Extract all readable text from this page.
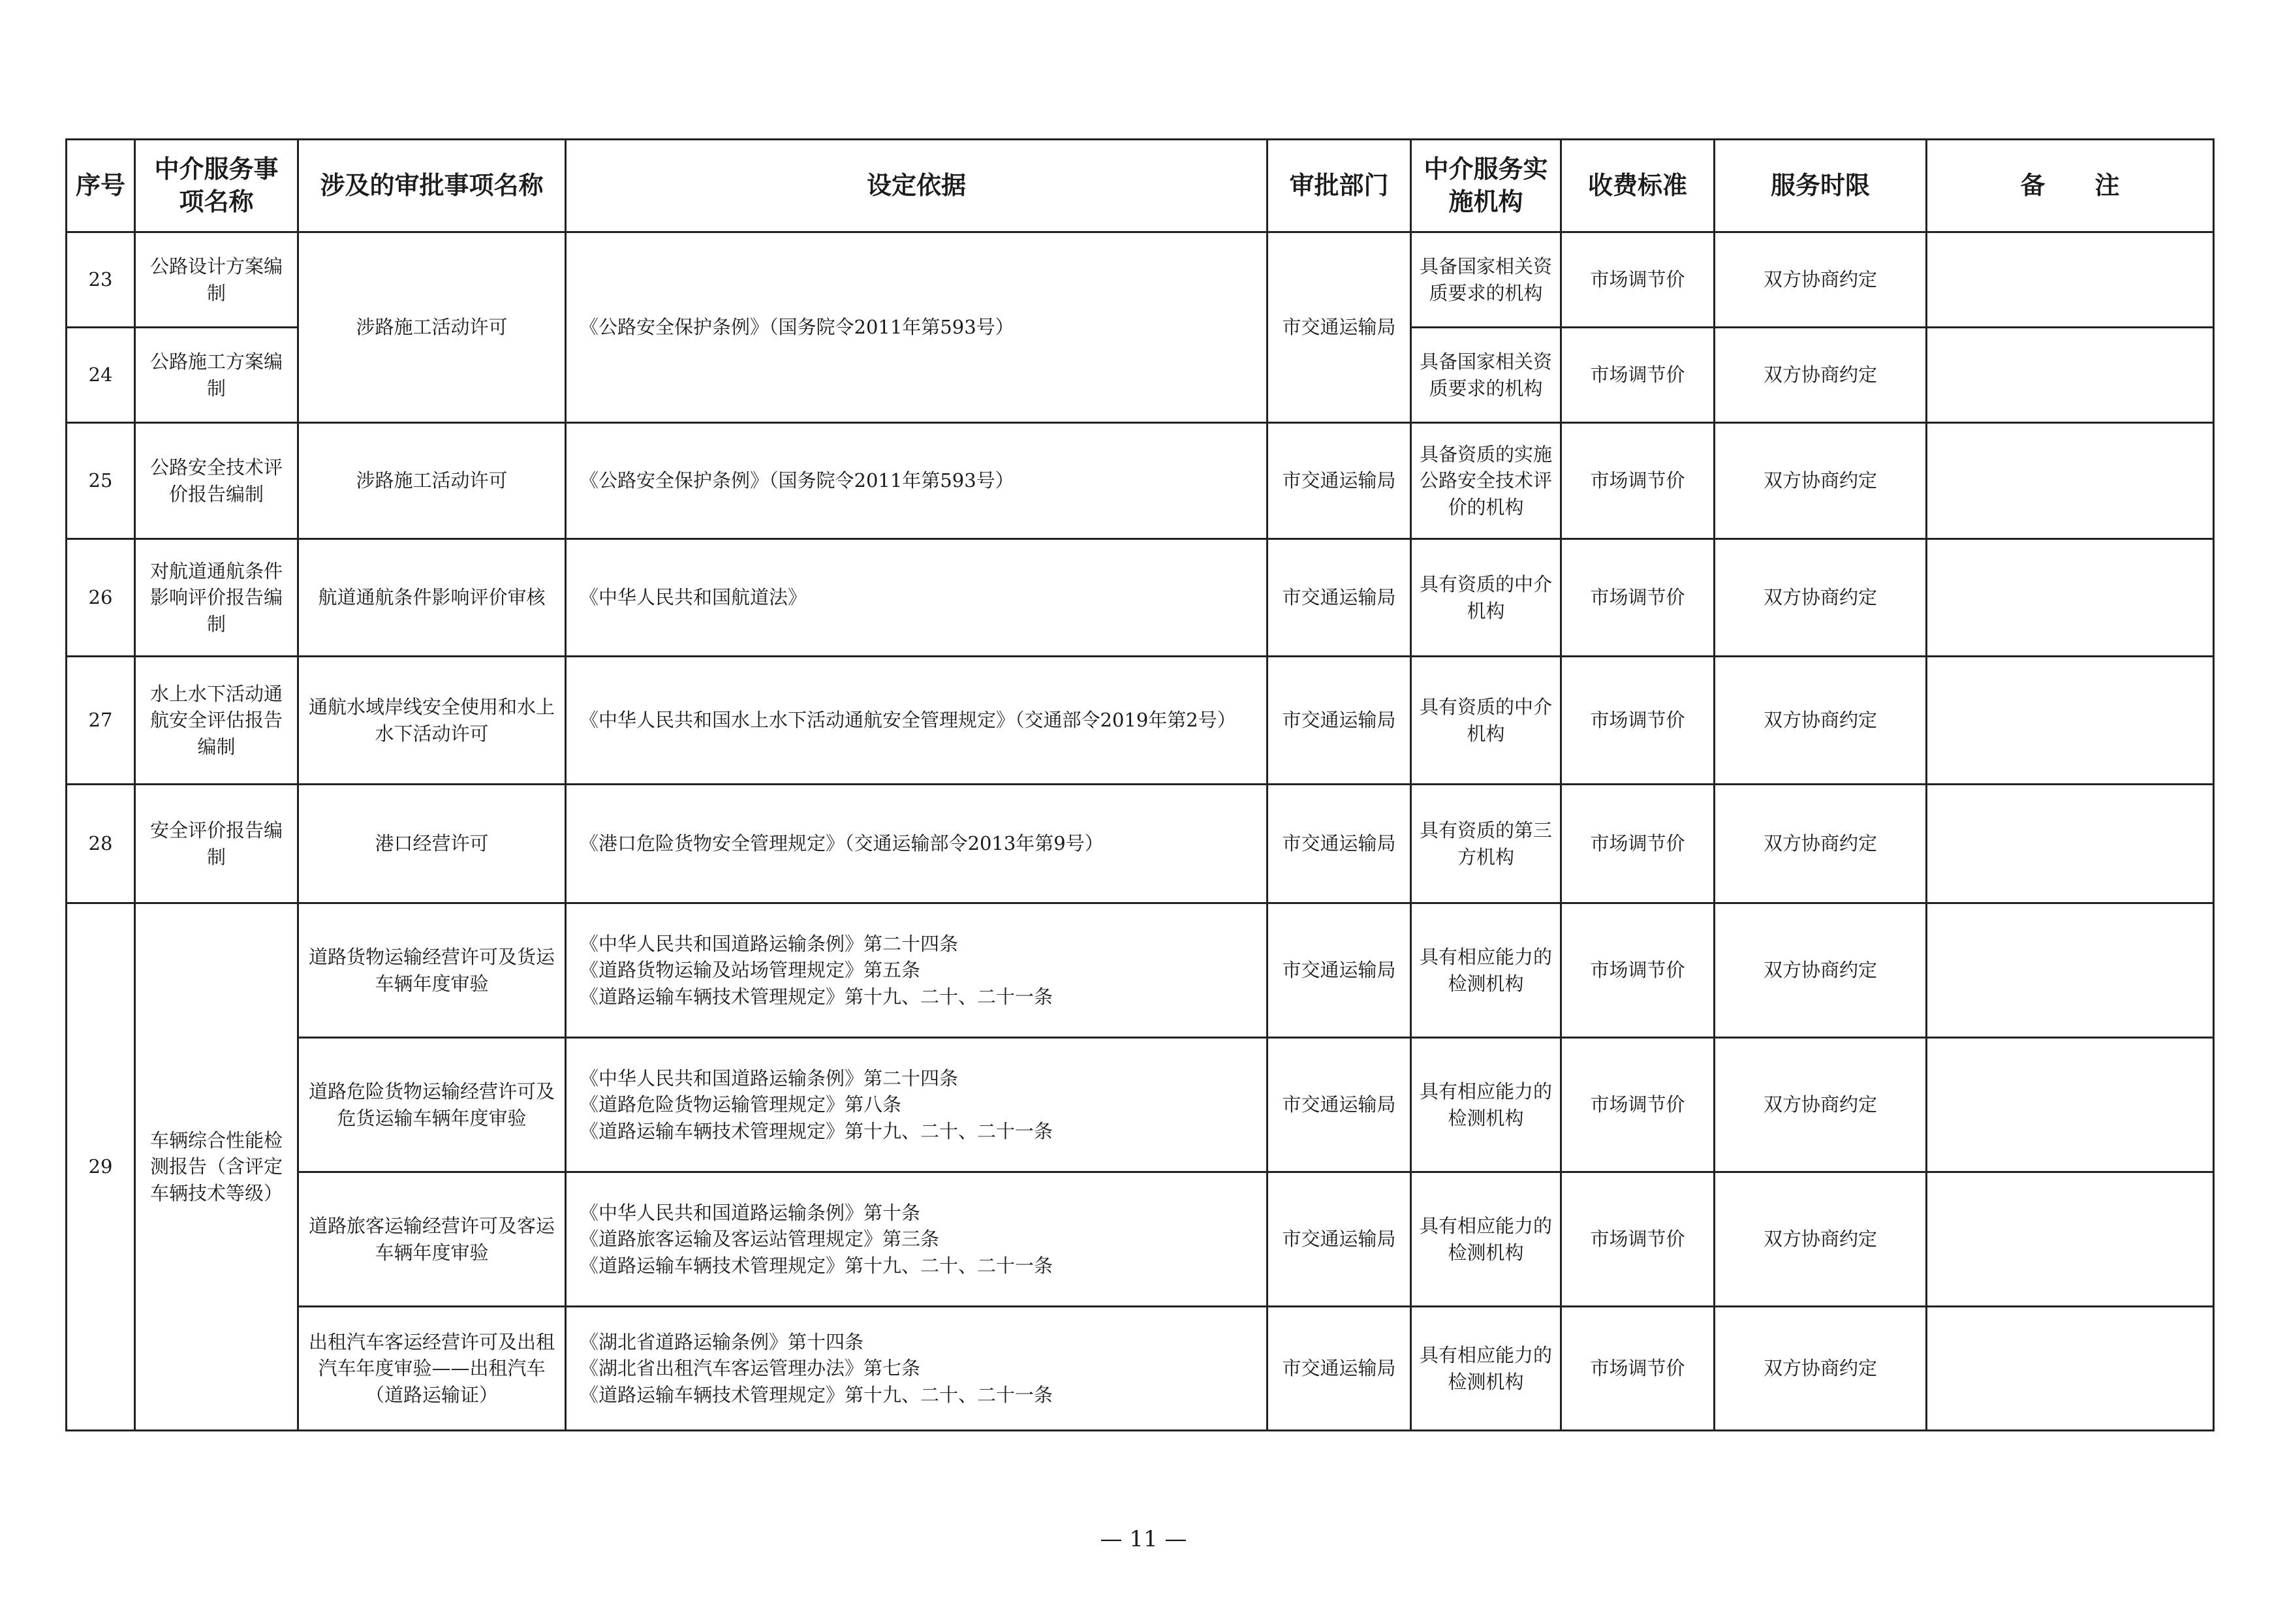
序号	中介服务事项名称	涉及的审批事项名称	设定依据	审批部门	中介服务实施机构	收费标准	服务时限	备　　注
23	公路设计方案编制	涉路施工活动许可	《公路安全保护条例》（国务院令2011年第593号）	市交通运输局	具备国家相关资质要求的机构	市场调节价	双方协商约定	
24	公路施工方案编制				具备国家相关资质要求的机构	市场调节价	双方协商约定	
25	公路安全技术评价报告编制	涉路施工活动许可	《公路安全保护条例》（国务院令2011年第593号）	市交通运输局	具备资质的实施公路安全技术评价的机构	市场调节价	双方协商约定	
26	对航道通航条件影响评价报告编制	航道通航条件影响评价审核	《中华人民共和国航道法》	市交通运输局	具有资质的中介机构	市场调节价	双方协商约定	
27	水上水下活动通航安全评估报告编制	通航水域岸线安全使用和水上水下活动许可	《中华人民共和国水上水下活动通航安全管理规定》（交通部令2019年第2号）	市交通运输局	具有资质的中介机构	市场调节价	双方协商约定	
28	安全评价报告编制	港口经营许可	《港口危险货物安全管理规定》（交通运输部令2013年第9号）	市交通运输局	具有资质的第三方机构	市场调节价	双方协商约定	
29	车辆综合性能检测报告（含评定车辆技术等级）	道路货物运输经营许可及货运车辆年度审验	《中华人民共和国道路运输条例》第二十四条
《道路货物运输及站场管理规定》第五条
《道路运输车辆技术管理规定》第十九、二十、二十一条	市交通运输局	具有相应能力的检测机构	市场调节价	双方协商约定	
		道路危险货物运输经营许可及危货运输车辆年度审验	《中华人民共和国道路运输条例》第二十四条
《道路危险货物运输管理规定》第八条
《道路运输车辆技术管理规定》第十九、二十、二十一条	市交通运输局	具有相应能力的检测机构	市场调节价	双方协商约定	
		道路旅客运输经营许可及客运车辆年度审验	《中华人民共和国道路运输条例》第十条
《道路旅客运输及客运站管理规定》第三条
《道路运输车辆技术管理规定》第十九、二十、二十一条	市交通运输局	具有相应能力的检测机构	市场调节价	双方协商约定	
		出租汽车客运经营许可及出租汽车年度审验——出租汽车（道路运输证）	《湖北省道路运输条例》第十四条
《湖北省出租汽车客运管理办法》第七条
《道路运输车辆技术管理规定》第十九、二十、二十一条	市交通运输局	具有相应能力的检测机构	市场调节价	双方协商约定	
— 11 —
